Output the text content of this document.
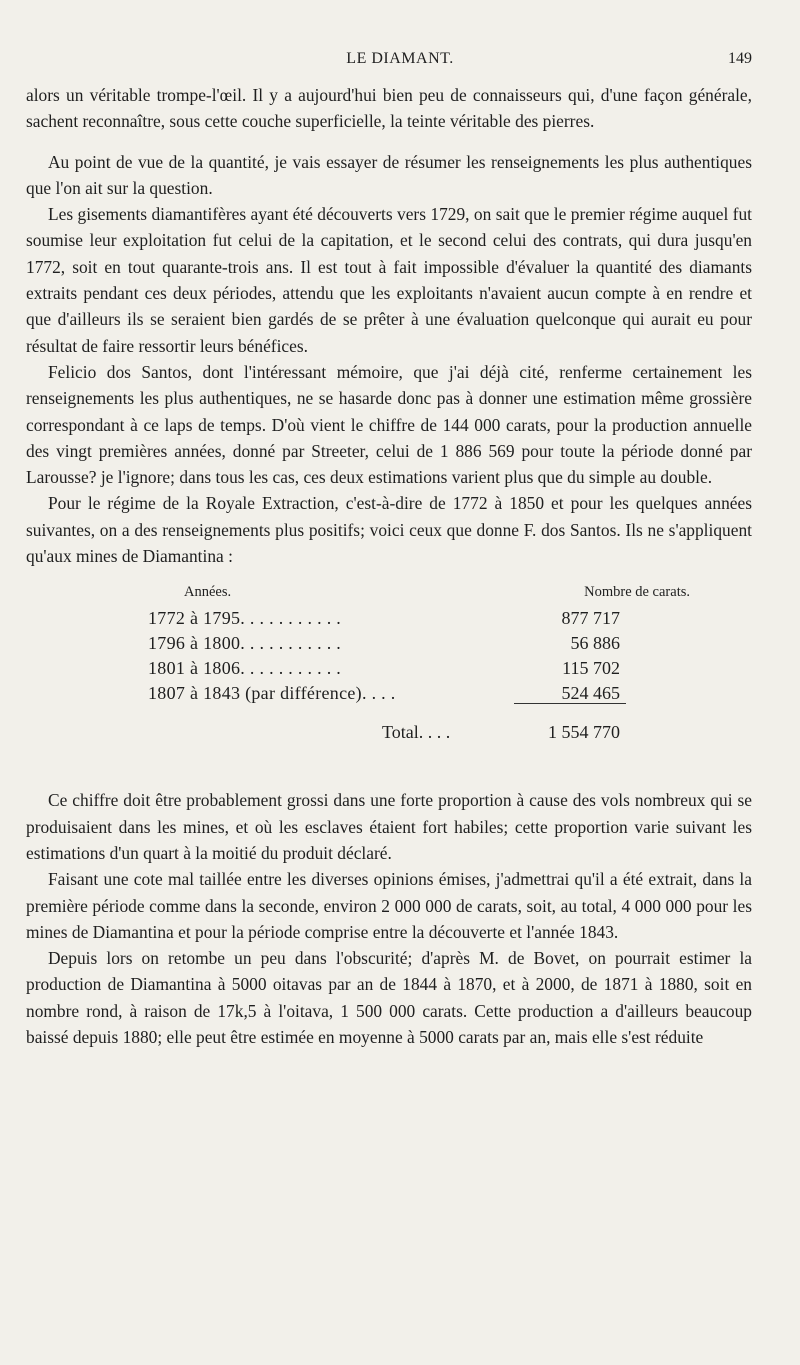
LE DIAMANT.	149

alors un véritable trompe-l'œil. Il y a aujourd'hui bien peu de connaisseurs qui, d'une façon générale, sachent reconnaître, sous cette couche superficielle, la teinte véritable des pierres.

Au point de vue de la quantité, je vais essayer de résumer les renseignements les plus authentiques que l'on ait sur la question.

Les gisements diamantifères ayant été découverts vers 1729, on sait que le premier régime auquel fut soumise leur exploitation fut celui de la capitation, et le second celui des contrats, qui dura jusqu'en 1772, soit en tout quarante-trois ans. Il est tout à fait impossible d'évaluer la quantité des diamants extraits pendant ces deux périodes, attendu que les exploitants n'avaient aucun compte à en rendre et que d'ailleurs ils se seraient bien gardés de se prêter à une évaluation quelconque qui aurait eu pour résultat de faire ressortir leurs bénéfices.

Felicio dos Santos, dont l'intéressant mémoire, que j'ai déjà cité, renferme certainement les renseignements les plus authentiques, ne se hasarde donc pas à donner une estimation même grossière correspondant à ce laps de temps. D'où vient le chiffre de 144 000 carats, pour la production annuelle des vingt premières années, donné par Streeter, celui de 1 886 569 pour toute la période donné par Larousse? je l'ignore; dans tous les cas, ces deux estimations varient plus que du simple au double.

Pour le régime de la Royale Extraction, c'est-à-dire de 1772 à 1850 et pour les quelques années suivantes, on a des renseignements plus positifs; voici ceux que donne F. dos Santos. Ils ne s'appliquent qu'aux mines de Diamantina :

Années.	Nombre de carats.
1772 à 1795. . . . . . . . . . .	877 717
1796 à 1800. . . . . . . . . . .	56 886
1801 à 1806. . . . . . . . . . .	115 702
1807 à 1843 (par différence). . . .	524 465
Total. . . .	1 554 770

Ce chiffre doit être probablement grossi dans une forte proportion à cause des vols nombreux qui se produisaient dans les mines, et où les esclaves étaient fort habiles; cette proportion varie suivant les estimations d'un quart à la moitié du produit déclaré.

Faisant une cote mal taillée entre les diverses opinions émises, j'admettrai qu'il a été extrait, dans la première période comme dans la seconde, environ 2 000 000 de carats, soit, au total, 4 000 000 pour les mines de Diamantina et pour la période comprise entre la découverte et l'année 1843.

Depuis lors on retombe un peu dans l'obscurité; d'après M. de Bovet, on pourrait estimer la production de Diamantina à 5000 oitavas par an de 1844 à 1870, et à 2000, de 1871 à 1880, soit en nombre rond, à raison de 17k,5 à l'oitava, 1 500 000 carats. Cette production a d'ailleurs beaucoup baissé depuis 1880; elle peut être estimée en moyenne à 5000 carats par an, mais elle s'est réduite
